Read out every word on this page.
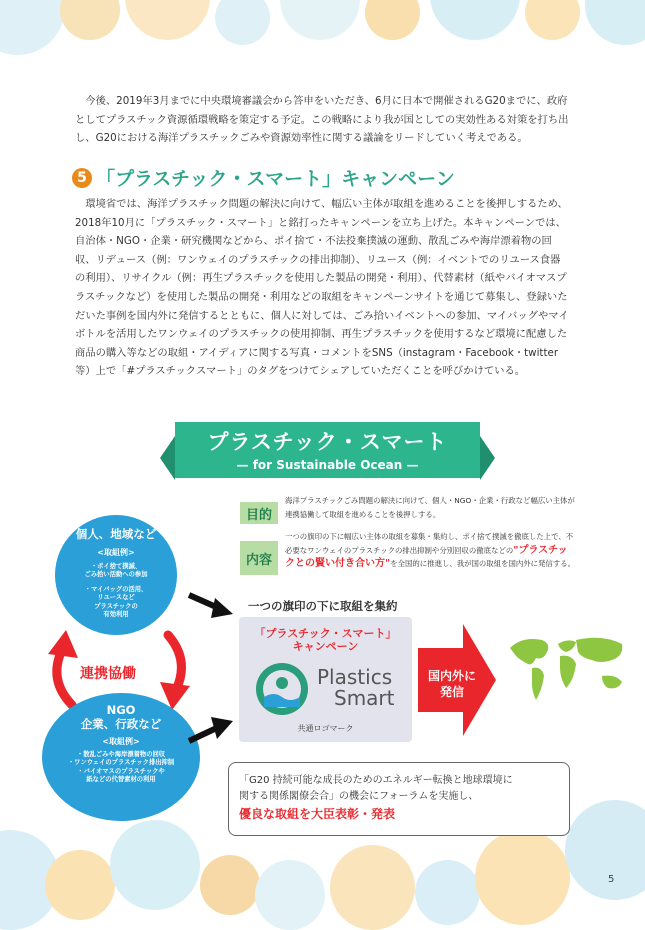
今後、2019年3月までに中央環境審議会から答申をいただき、6月に日本で開催されるG20までに、政府としてプラスチック資源循環戦略を策定する予定。この戦略により我が国としての実効性ある対策を打ち出し、G20における海洋プラスチックごみや資源効率性に関する議論をリードしていく考えである。

5 「プラスチック・スマート」キャンペーン

環境省では、海洋プラスチック問題の解決に向けて、幅広い主体が取組を進めることを後押しするため、2018年10月に「プラスチック・スマート」と銘打ったキャンペーンを立ち上げた。本キャンペーンでは、自治体・NGO・企業・研究機関などから、ポイ捨て・不法投棄撲滅の運動、散乱ごみや海岸漂着物の回収、リデュース（例：ワンウェイのプラスチックの排出抑制）、リユース（例：イベントでのリユース食器の利用）、リサイクル（例：再生プラスチックを使用した製品の開発・利用）、代替素材（紙やバイオマスプラスチックなど）を使用した製品の開発・利用などの取組をキャンペーンサイトを通じて募集し、登録いただいた事例を国内外に発信するとともに、個人に対しては、ごみ拾いイベントへの参加、マイバッグやマイボトルを活用したワンウェイのプラスチックの使用抑制、再生プラスチックを使用するなど環境に配慮した商品の購入等などの取組・アイディアに関する写真・コメントをSNS（instagram・Facebook・twitter等）上で「#プラスチックスマート」のタグをつけてシェアしていただくことを呼びかけている。

プラスチック・スマート
— for Sustainable Ocean —
目的

海洋プラスチックごみ問題の解決に向けて、個人・NGO・企業・行政など幅広い主体が連携協働して取組を進めることを後押しする。

内容

一つの旗印の下に幅広い主体の取組を募集・集約し、ポイ捨て撲滅を徹底した上で、不必要なワンウェイのプラスチックの排出抑制や分別回収の徹底などの"プラスチックとの賢い付き合い方"を全国的に推進し、我が国の取組を国内外に発信する。

個人、地域など
<取組例>
・ポイ捨て撲滅、
ごみ拾い活動への参加
・マイバッグの活用、
リユースなど
プラスチックの
有効利用
連携協働
NGO
企業、行政など
<取組例>
・散乱ごみや海岸漂着物の回収
・ワンウェイのプラスチック排出抑制
・バイオマスのプラスチックや
紙などの代替素材の利用
一つの旗印の下に取組を集約
「プラスチック・スマート」
キャンペーン
Plastics
Smart
共通ロゴマーク
国内外に
発信

「G20 持続可能な成長のためのエネルギー転換と地球環境に

関する関係閣僚会合」の機会にフォーラムを実施し、

優良な取組を大臣表彰・発表

5
